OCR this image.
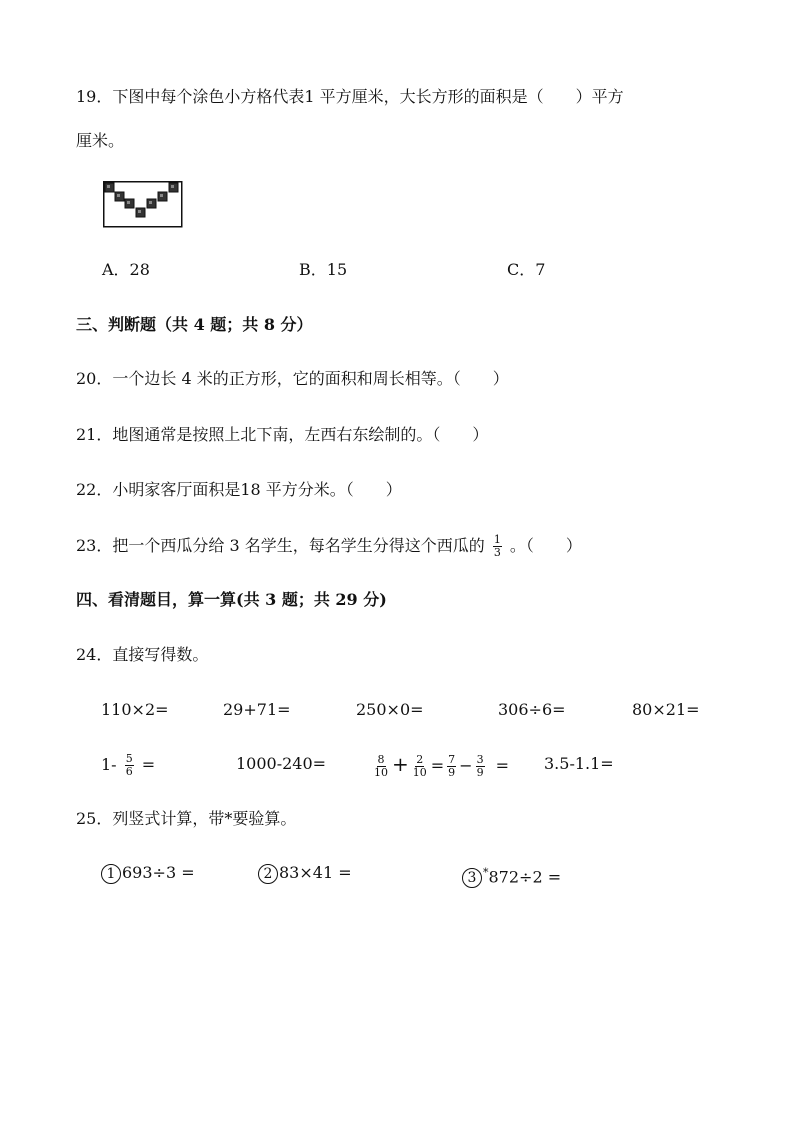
19．下图中每个涂色小方格代表1 平方厘米，大长方形的面积是（　　）平方
厘米。
A．28	B．15	C．7
三、判断题（共 4 题；共 8 分）
20．一个边长 4 米的正方形，它的面积和周长相等。（　　）
21．地图通常是按照上北下南，左西右东绘制的。（　　）
22．小明家客厅面积是18 平方分米。（　　）
23．把一个西瓜分给 3 名学生，每名学生分得这个西瓜的 $\frac{1}{3}$ 。（　　）
四、看清题目，算一算(共 3 题；共 29 分)
24．直接写得数。
110×2=	29+71=	250×0=	306÷6=	80×21=
$1- \frac{5}{6}$ =	1000-240=	$\frac{8}{10} + \frac{2}{10} = \frac{7}{9} - \frac{3}{9} = 3.5-1.1=$
25．列竖式计算，带*要验算。
1 693÷3 =	2 83×41 =	3 *872÷2 =
